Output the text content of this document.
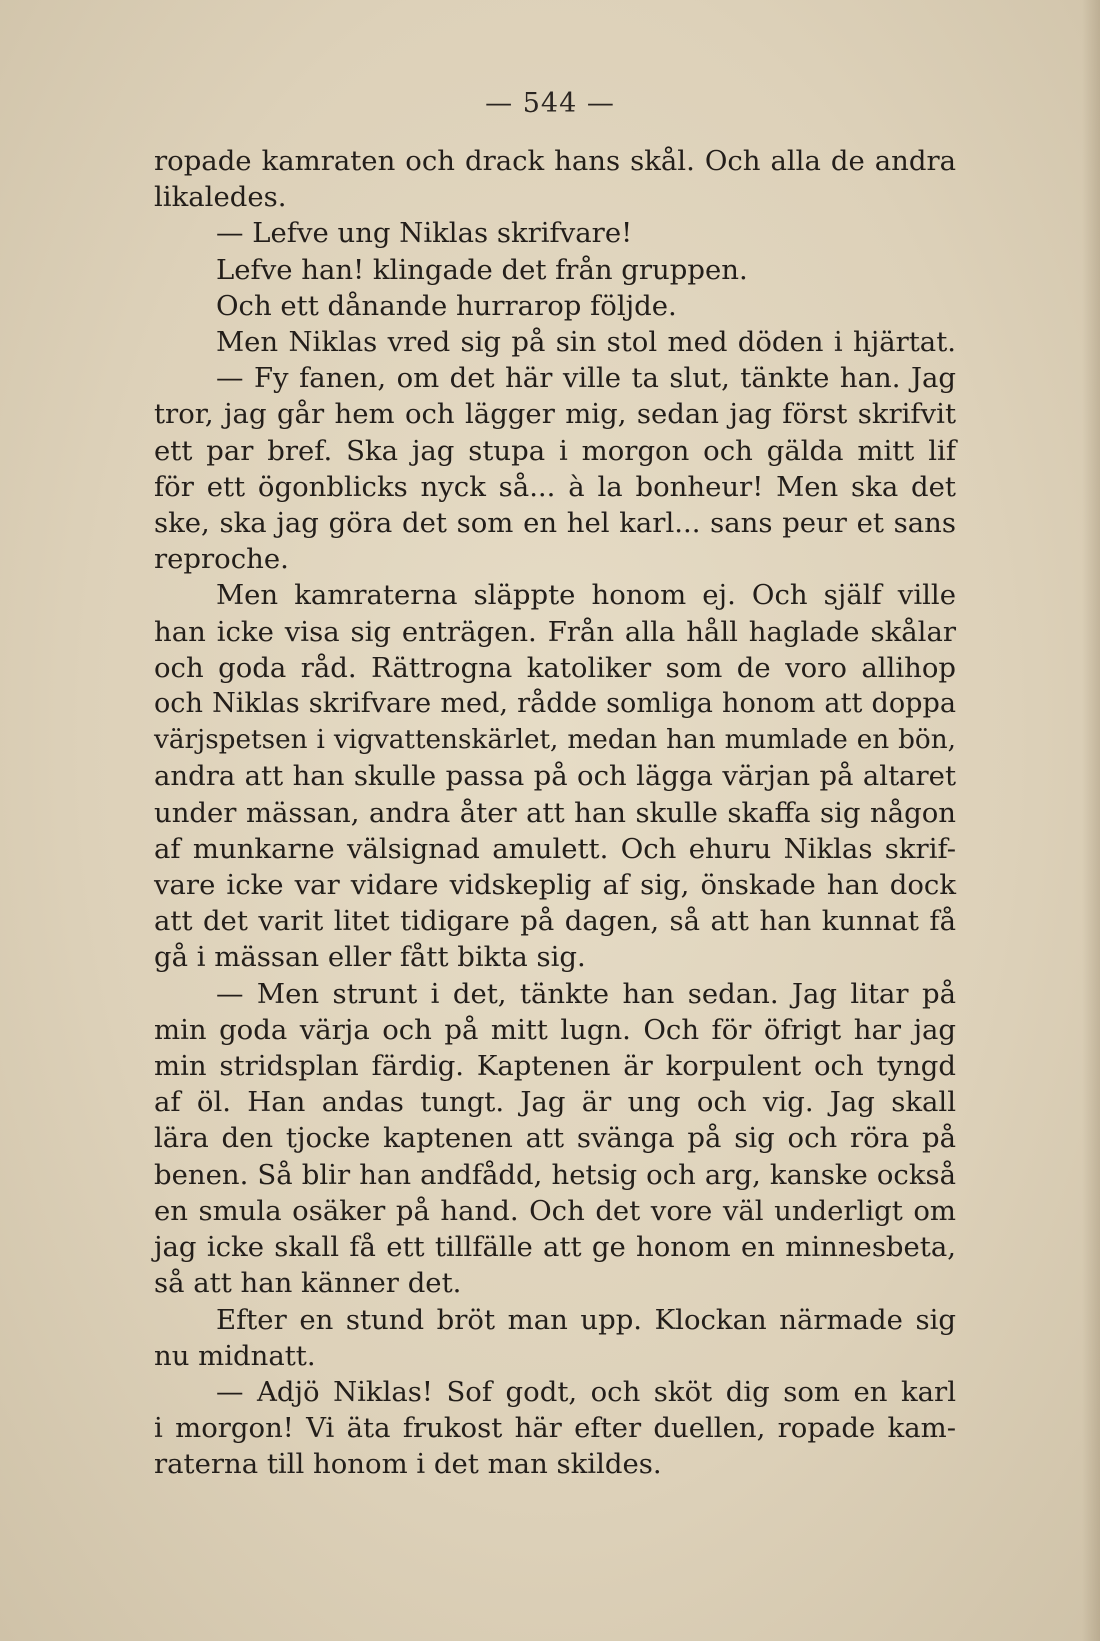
— 544 —
ropade kamraten och drack hans skål. Och alla de andra
likaledes.
— Lefve ung Niklas skrifvare!
Lefve han! klingade det från gruppen.
Och ett dånande hurrarop följde.
Men Niklas vred sig på sin stol med döden i hjärtat.
— Fy fanen, om det här ville ta slut, tänkte han. Jag
tror, jag går hem och lägger mig, sedan jag först skrifvit
ett par bref. Ska jag stupa i morgon och gälda mitt lif
för ett ögonblicks nyck så... à la bonheur! Men ska det
ske, ska jag göra det som en hel karl... sans peur et sans
reproche.
Men kamraterna släppte honom ej. Och själf ville
han icke visa sig enträgen. Från alla håll haglade skålar
och goda råd. Rättrogna katoliker som de voro allihop
och Niklas skrifvare med, rådde somliga honom att doppa
värjspetsen i vigvattenskärlet, medan han mumlade en bön,
andra att han skulle passa på och lägga värjan på altaret
under mässan, andra åter att han skulle skaffa sig någon
af munkarne välsignad amulett. Och ehuru Niklas skrif-
vare icke var vidare vidskeplig af sig, önskade han dock
att det varit litet tidigare på dagen, så att han kunnat få
gå i mässan eller fått bikta sig.
— Men strunt i det, tänkte han sedan. Jag litar på
min goda värja och på mitt lugn. Och för öfrigt har jag
min stridsplan färdig. Kaptenen är korpulent och tyngd
af öl. Han andas tungt. Jag är ung och vig. Jag skall
lära den tjocke kaptenen att svänga på sig och röra på
benen. Så blir han andfådd, hetsig och arg, kanske också
en smula osäker på hand. Och det vore väl underligt om
jag icke skall få ett tillfälle att ge honom en minnesbeta,
så att han känner det.
Efter en stund bröt man upp. Klockan närmade sig
nu midnatt.
— Adjö Niklas! Sof godt, och sköt dig som en karl
i morgon! Vi äta frukost här efter duellen, ropade kam-
raterna till honom i det man skildes.
